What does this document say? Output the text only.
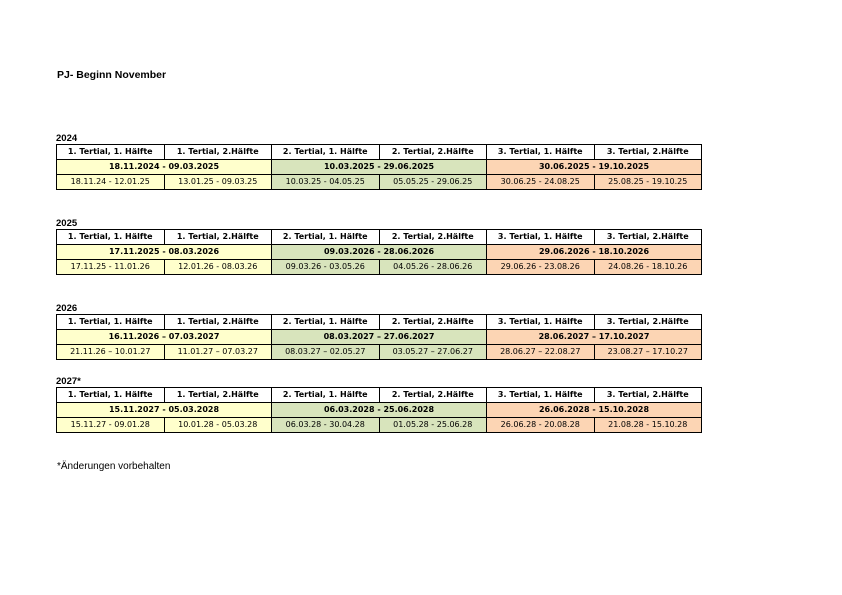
PJ- Beginn November
2024
1. Tertial, 1. Hälfte	1. Tertial, 2.Hälfte	2. Tertial, 1. Hälfte	2. Tertial, 2.Hälfte	3. Tertial, 1. Hälfte	3. Tertial, 2.Hälfte
18.11.2024 - 09.03.2025		10.03.2025 - 29.06.2025		30.06.2025 - 19.10.2025	
18.11.24 - 12.01.25	13.01.25 - 09.03.25	10.03.25 - 04.05.25	05.05.25 - 29.06.25	30.06.25 - 24.08.25	25.08.25 - 19.10.25
2025
1. Tertial, 1. Hälfte	1. Tertial, 2.Hälfte	2. Tertial, 1. Hälfte	2. Tertial, 2.Hälfte	3. Tertial, 1. Hälfte	3. Tertial, 2.Hälfte
17.11.2025 - 08.03.2026		09.03.2026 - 28.06.2026		29.06.2026 - 18.10.2026	
17.11.25 - 11.01.26	12.01.26 - 08.03.26	09.03.26 - 03.05.26	04.05.26 - 28.06.26	29.06.26 - 23.08.26	24.08.26 - 18.10.26
2026
1. Tertial, 1. Hälfte	1. Tertial, 2.Hälfte	2. Tertial, 1. Hälfte	2. Tertial, 2.Hälfte	3. Tertial, 1. Hälfte	3. Tertial, 2.Hälfte
16.11.2026 – 07.03.2027		08.03.2027 – 27.06.2027		28.06.2027 – 17.10.2027	
21.11.26 – 10.01.27	11.01.27 – 07.03.27	08.03.27 – 02.05.27	03.05.27 – 27.06.27	28.06.27 – 22.08.27	23.08.27 – 17.10.27
2027*
1. Tertial, 1. Hälfte	1. Tertial, 2.Hälfte	2. Tertial, 1. Hälfte	2. Tertial, 2.Hälfte	3. Tertial, 1. Hälfte	3. Tertial, 2.Hälfte
15.11.2027 - 05.03.2028		06.03.2028 - 25.06.2028		26.06.2028 - 15.10.2028	
15.11.27 - 09.01.28	10.01.28 - 05.03.28	06.03.28 - 30.04.28	01.05.28 - 25.06.28	26.06.28 - 20.08.28	21.08.28 - 15.10.28
*Änderungen vorbehalten
